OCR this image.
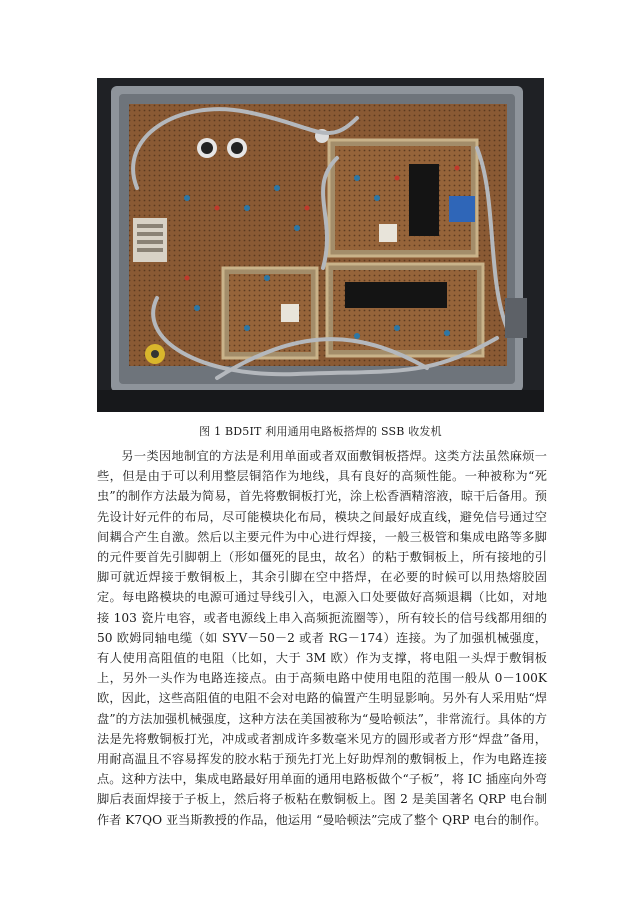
图 1 BD5IT 利用通用电路板搭焊的 SSB 收发机

另一类因地制宜的方法是利用单面或者双面敷铜板搭焊。这类方法虽然麻烦一些，但是由于可以利用整层铜箔作为地线，具有良好的高频性能。一种被称为“死虫”的制作方法最为简易，首先将敷铜板打光，涂上松香酒精溶液，晾干后备用。预先设计好元件的布局，尽可能模块化布局，模块之间最好成直线，避免信号通过空间耦合产生自激。然后以主要元件为中心进行焊接，一般三极管和集成电路等多脚的元件要首先引脚朝上（形如僵死的昆虫，故名）的粘于敷铜板上，所有接地的引脚可就近焊接于敷铜板上，其余引脚在空中搭焊，在必要的时候可以用热熔胶固定。每电路模块的电源可通过导线引入，电源入口处要做好高频退耦（比如，对地接 103 瓷片电容，或者电源线上串入高频扼流圈等），所有较长的信号线都用细的 50 欧姆同轴电缆（如 SYV－50－2 或者 RG－174）连接。为了加强机械强度，有人使用高阻值的电阻（比如，大于 3M 欧）作为支撑，将电阻一头焊于敷铜板上，另外一头作为电路连接点。由于高频电路中使用电阻的范围一般从 0－100K 欧，因此，这些高阻值的电阻不会对电路的偏置产生明显影响。另外有人采用贴“焊盘”的方法加强机械强度，这种方法在美国被称为“曼哈顿法”，非常流行。具体的方法是先将敷铜板打光，冲成或者割成许多数毫米见方的圆形或者方形“焊盘”备用，用耐高温且不容易挥发的胶水粘于预先打光上好助焊剂的敷铜板上，作为电路连接点。这种方法中，集成电路最好用单面的通用电路板做个“子板”，将 IC 插座向外弯脚后表面焊接于子板上，然后将子板粘在敷铜板上。图 2 是美国著名 QRP 电台制作者 K7QO 亚当斯教授的作品，他运用 “曼哈顿法”完成了整个 QRP 电台的制作。
